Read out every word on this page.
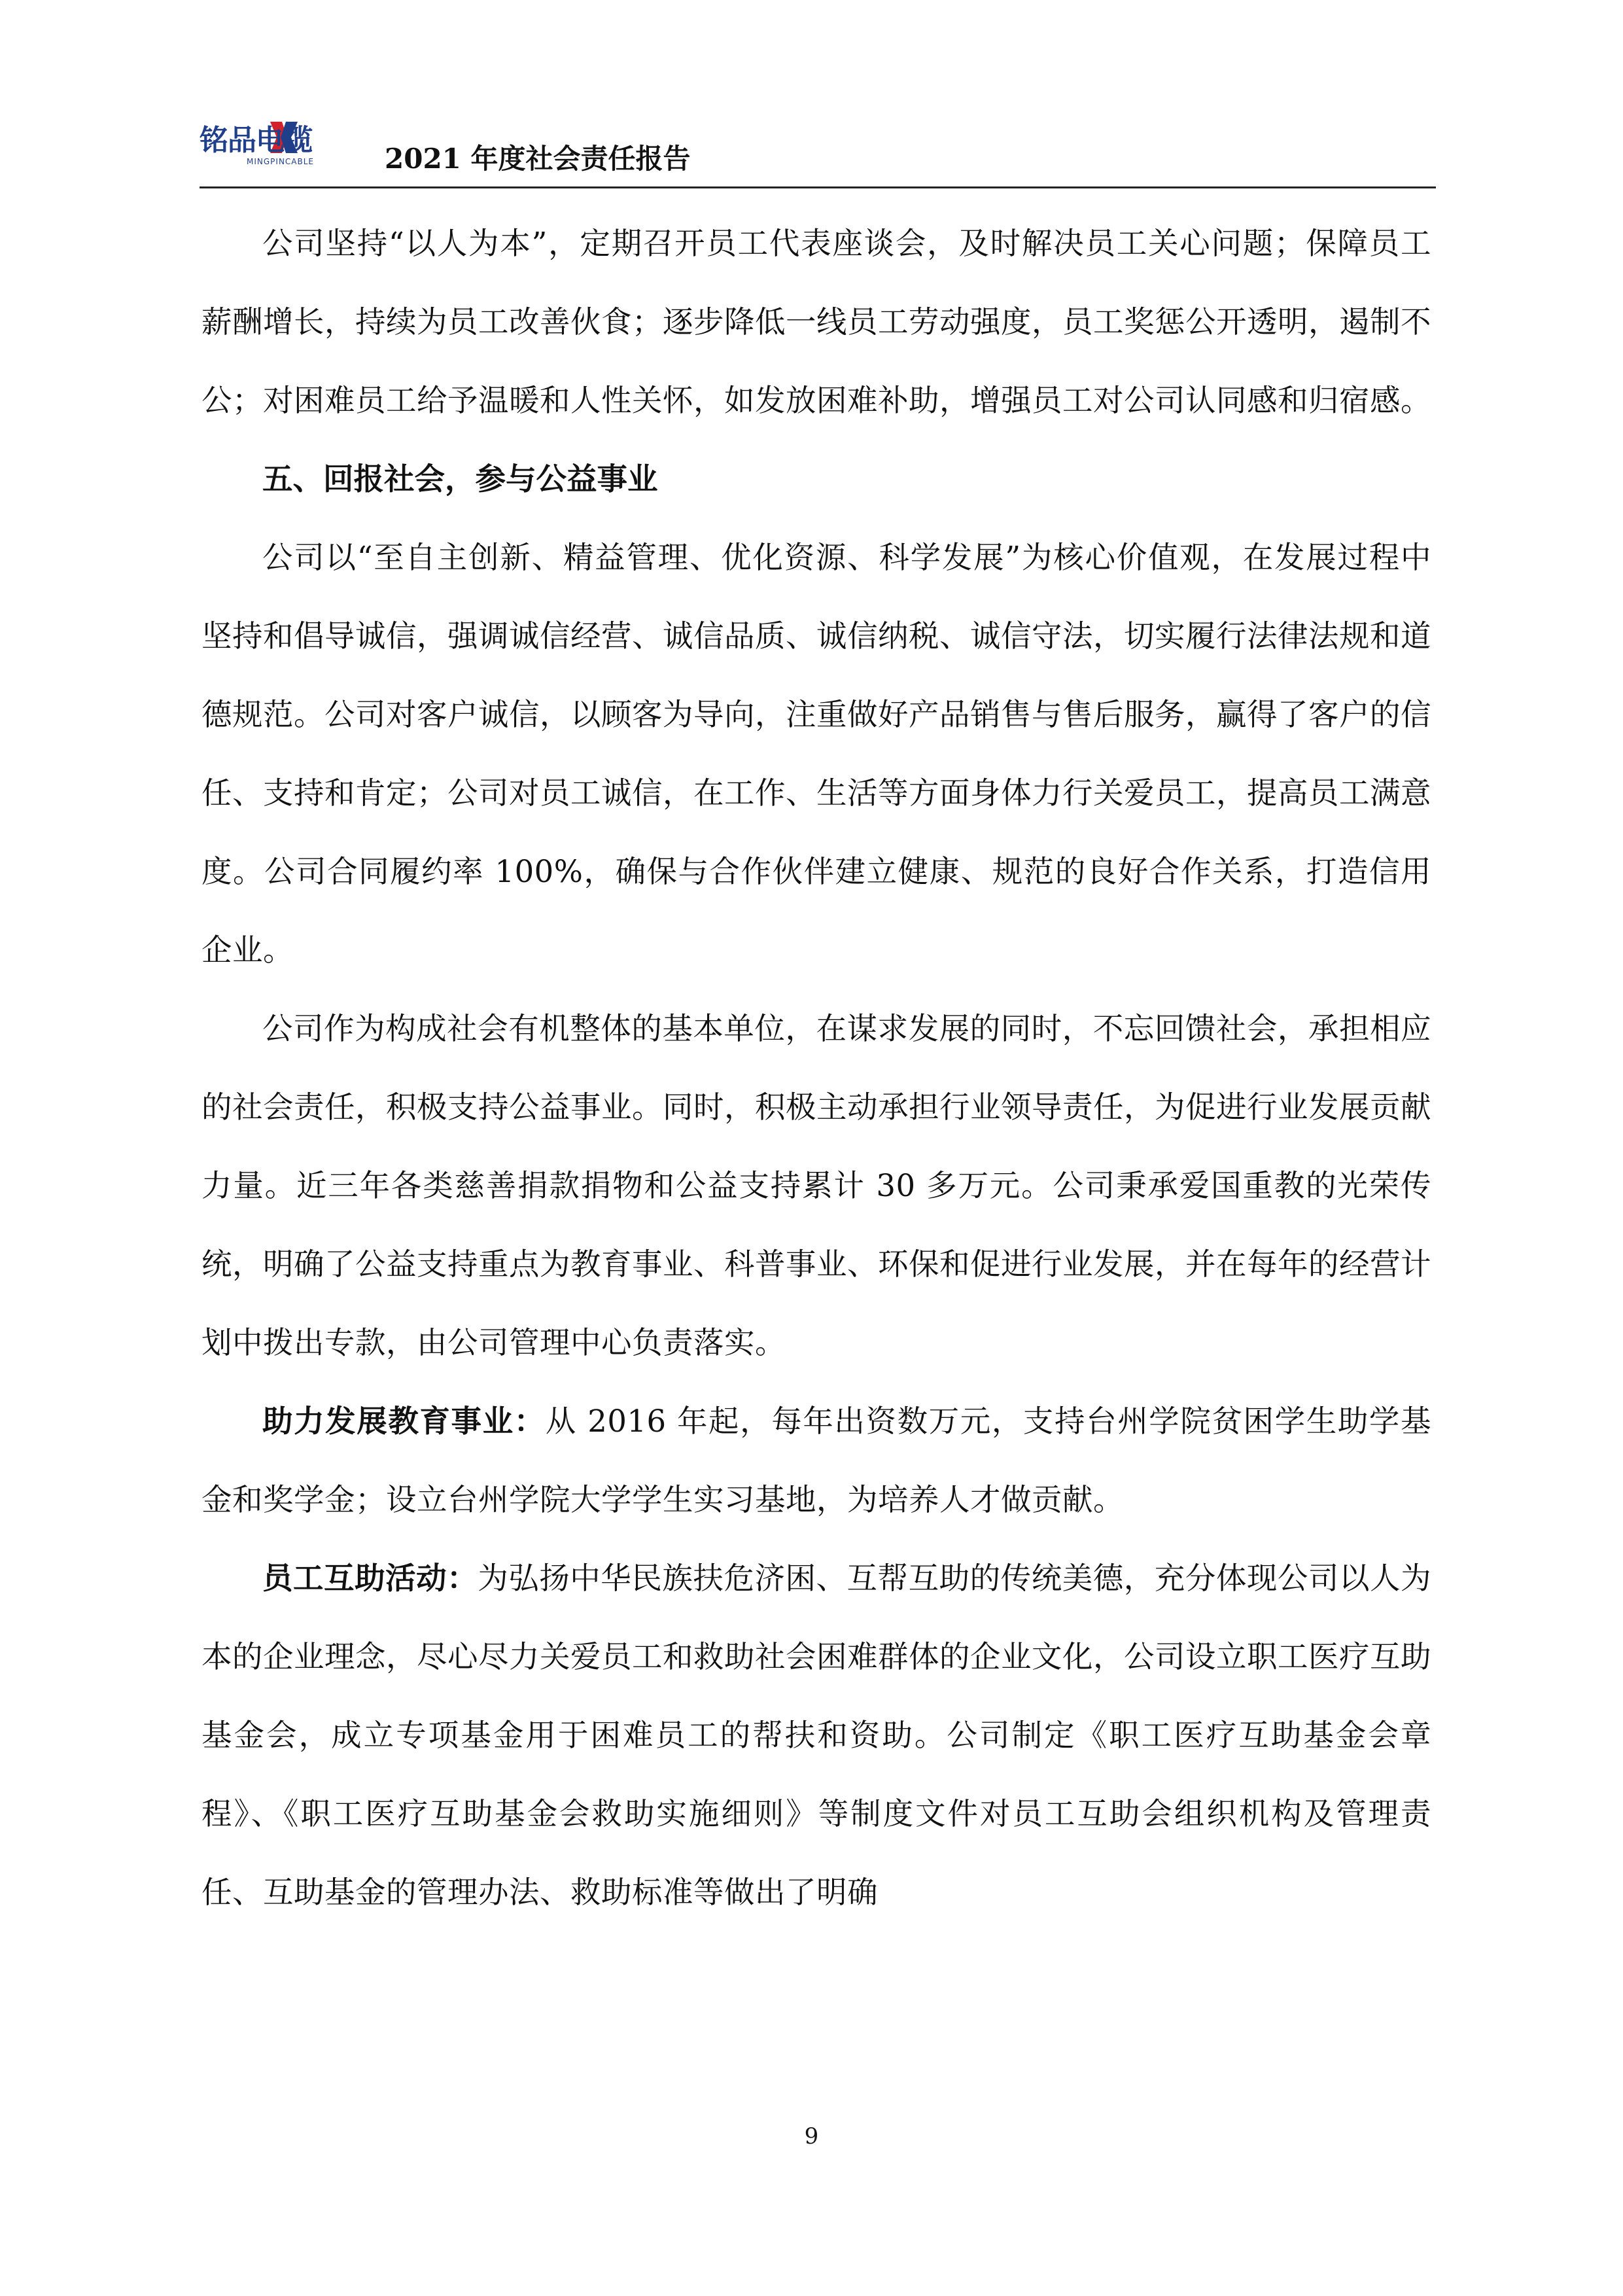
铭品电缆
MINGPINCABLE	2021 年度社会责任报告

公司坚持“以人为本”，定期召开员工代表座谈会，及时解决员工关心问题；保障员工薪酬增长，持续为员工改善伙食；逐步降低一线员工劳动强度，员工奖惩公开透明，遏制不公；对困难员工给予温暖和人性关怀，如发放困难补助，增强员工对公司认同感和归宿感。

五、回报社会，参与公益事业

公司以“至自主创新、精益管理、优化资源、科学发展”为核心价值观，在发展过程中坚持和倡导诚信，强调诚信经营、诚信品质、诚信纳税、诚信守法，切实履行法律法规和道德规范。公司对客户诚信，以顾客为导向，注重做好产品销售与售后服务，赢得了客户的信任、支持和肯定；公司对员工诚信，在工作、生活等方面身体力行关爱员工，提高员工满意度。公司合同履约率 100%，确保与合作伙伴建立健康、规范的良好合作关系，打造信用企业。

公司作为构成社会有机整体的基本单位，在谋求发展的同时，不忘回馈社会，承担相应的社会责任，积极支持公益事业。同时，积极主动承担行业领导责任，为促进行业发展贡献力量。近三年各类慈善捐款捐物和公益支持累计 30 多万元。公司秉承爱国重教的光荣传统，明确了公益支持重点为教育事业、科普事业、环保和促进行业发展，并在每年的经营计划中拨出专款，由公司管理中心负责落实。

助力发展教育事业：从 2016 年起，每年出资数万元，支持台州学院贫困学生助学基金和奖学金；设立台州学院大学学生实习基地，为培养人才做贡献。

员工互助活动：为弘扬中华民族扶危济困、互帮互助的传统美德，充分体现公司以人为本的企业理念，尽心尽力关爱员工和救助社会困难群体的企业文化，公司设立职工医疗互助基金会，成立专项基金用于困难员工的帮扶和资助。公司制定《职工医疗互助基金会章程》、《职工医疗互助基金会救助实施细则》等制度文件对员工互助会组织机构及管理责任、互助基金的管理办法、救助标准等做出了明确

9
